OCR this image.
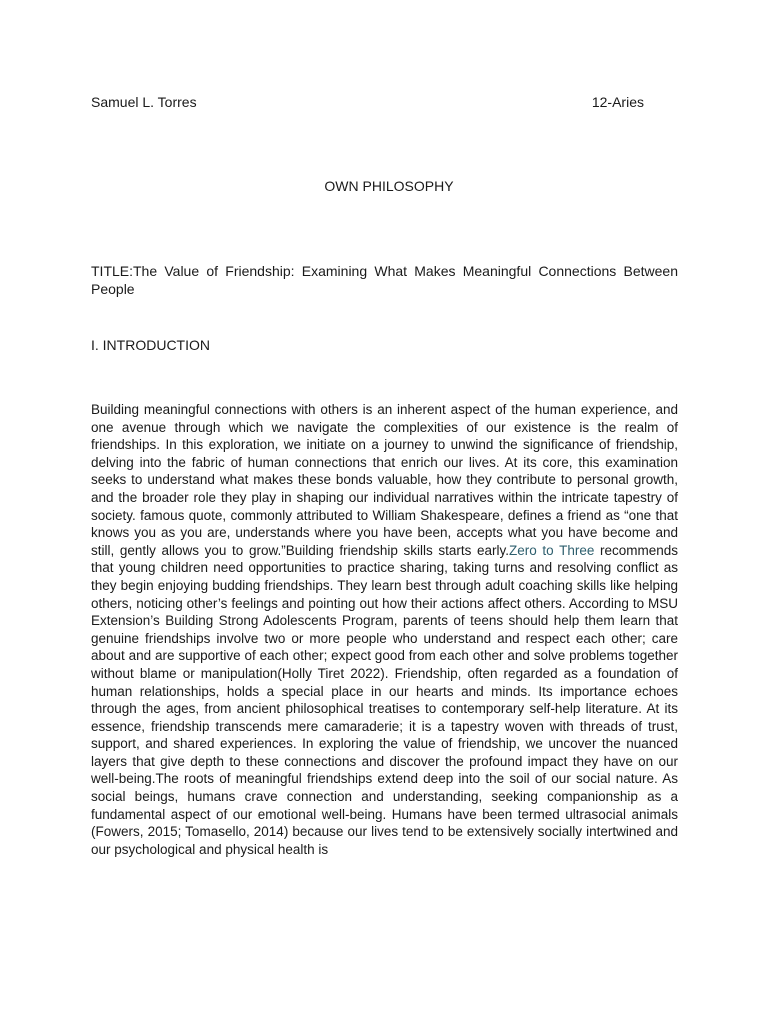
Samuel L. Torres	12-Aries
OWN PHILOSOPHY
TITLE:The Value of Friendship: Examining What Makes Meaningful Connections Between People
I. INTRODUCTION
Building meaningful connections with others is an inherent aspect of the human experience, and one avenue through which we navigate the complexities of our existence is the realm of friendships. In this exploration, we initiate on a journey to unwind the significance of friendship, delving into the fabric of human connections that enrich our lives. At its core, this examination seeks to understand what makes these bonds valuable, how they contribute to personal growth, and the broader role they play in shaping our individual narratives within the intricate tapestry of society. famous quote, commonly attributed to William Shakespeare, defines a friend as “one that knows you as you are, understands where you have been, accepts what you have become and still, gently allows you to grow.”Building friendship skills starts early.Zero to Three recommends that young children need opportunities to practice sharing, taking turns and resolving conflict as they begin enjoying budding friendships. They learn best through adult coaching skills like helping others, noticing other’s feelings and pointing out how their actions affect others. According to MSU Extension’s Building Strong Adolescents Program, parents of teens should help them learn that genuine friendships involve two or more people who understand and respect each other; care about and are supportive of each other; expect good from each other and solve problems together without blame or manipulation(Holly Tiret 2022). Friendship, often regarded as a foundation of human relationships, holds a special place in our hearts and minds. Its importance echoes through the ages, from ancient philosophical treatises to contemporary self-help literature. At its essence, friendship transcends mere camaraderie; it is a tapestry woven with threads of trust, support, and shared experiences. In exploring the value of friendship, we uncover the nuanced layers that give depth to these connections and discover the profound impact they have on our well-being.The roots of meaningful friendships extend deep into the soil of our social nature. As social beings, humans crave connection and understanding, seeking companionship as a fundamental aspect of our emotional well-being. Humans have been termed ultrasocial animals (Fowers, 2015; Tomasello, 2014) because our lives tend to be extensively socially intertwined and our psychological and physical health is
